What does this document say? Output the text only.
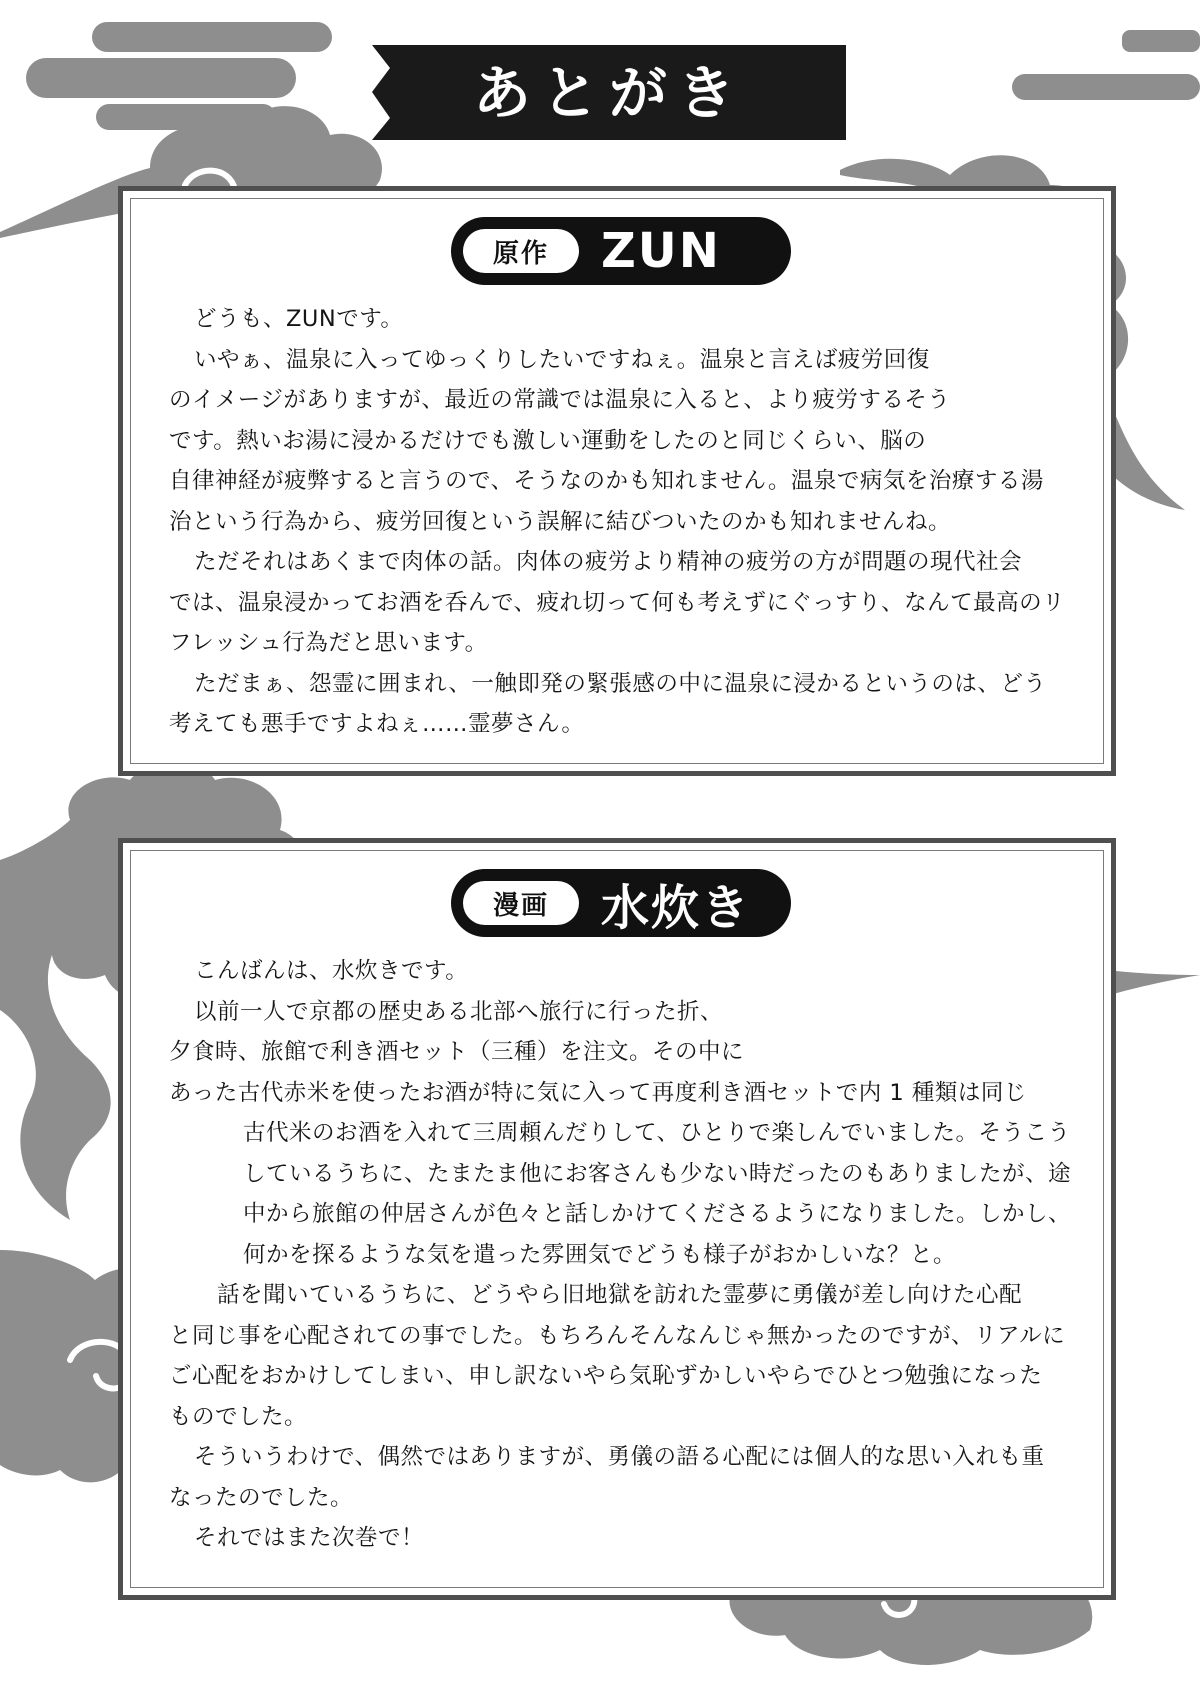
あとがき
原作	ZUN

どうも、ZUNです。

いやぁ、温泉に入ってゆっくりしたいですねぇ。温泉と言えば疲労回復

のイメージがありますが、最近の常識では温泉に入ると、より疲労するそう

です。熱いお湯に浸かるだけでも激しい運動をしたのと同じくらい、脳の

自律神経が疲弊すると言うので、そうなのかも知れません。温泉で病気を治療する湯

治という行為から、疲労回復という誤解に結びついたのかも知れませんね。

ただそれはあくまで肉体の話。肉体の疲労より精神の疲労の方が問題の現代社会

では、温泉浸かってお酒を呑んで、疲れ切って何も考えずにぐっすり、なんて最高のリ

フレッシュ行為だと思います。

ただまぁ、怨霊に囲まれ、一触即発の緊張感の中に温泉に浸かるというのは、どう

考えても悪手ですよねぇ……霊夢さん。

漫画	水炊き

こんばんは、水炊きです。

以前一人で京都の歴史ある北部へ旅行に行った折、

夕食時、旅館で利き酒セット（三種）を注文。その中に

あった古代赤米を使ったお酒が特に気に入って再度利き酒セットで内 1 種類は同じ

古代米のお酒を入れて三周頼んだりして、ひとりで楽しんでいました。そうこう

しているうちに、たまたま他にお客さんも少ない時だったのもありましたが、途

中から旅館の仲居さんが色々と話しかけてくださるようになりました。しかし、

何かを探るような気を遣った雰囲気でどうも様子がおかしいな？と。

話を聞いているうちに、どうやら旧地獄を訪れた霊夢に勇儀が差し向けた心配

と同じ事を心配されての事でした。もちろんそんなんじゃ無かったのですが、リアルに

ご心配をおかけしてしまい、申し訳ないやら気恥ずかしいやらでひとつ勉強になった

ものでした。

そういうわけで、偶然ではありますが、勇儀の語る心配には個人的な思い入れも重

なったのでした。

それではまた次巻で！
